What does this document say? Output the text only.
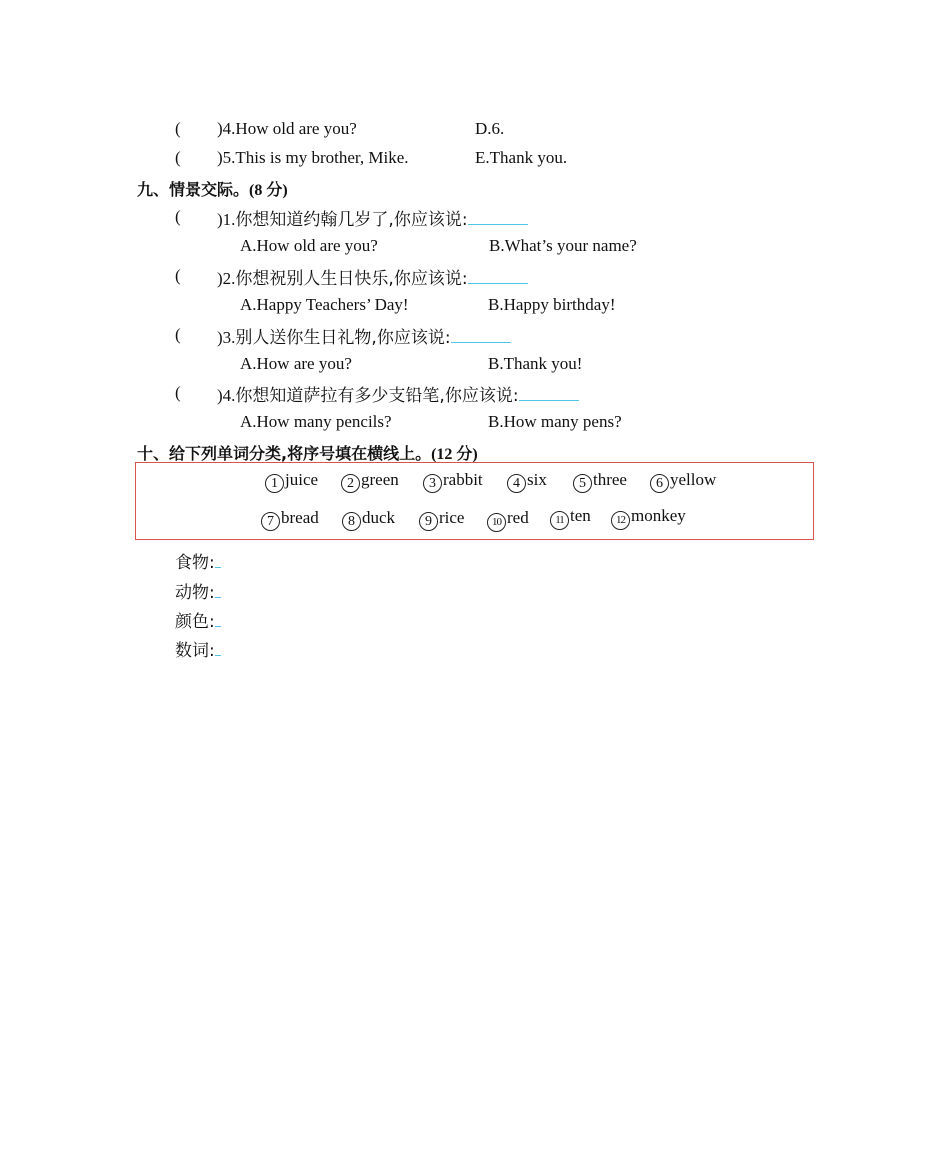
( )4.How old are you?	D.6.
( )5.This is my brother, Mike.	E.Thank you.
九、情景交际。(8 分)
( )1.你想知道约翰几岁了,你应该说:
A.How old are you?	B.What’s your name?
( )2.你想祝别人生日快乐,你应该说:
A.Happy Teachers’ Day!	B.Happy birthday!
( )3.别人送你生日礼物,你应该说:
A.How are you?	B.Thank you!
( )4.你想知道萨拉有多少支铅笔,你应该说:
A.How many pencils?	B.How many pens?
十、给下列单词分类,将序号填在横线上。(12 分)
1 juice	2 green	3 rabbit	4 six	5 three	6 yellow
7 bread	8 duck	9 rice	10 red	11 ten	12 monkey
食物:
动物:
颜色:
数词:
